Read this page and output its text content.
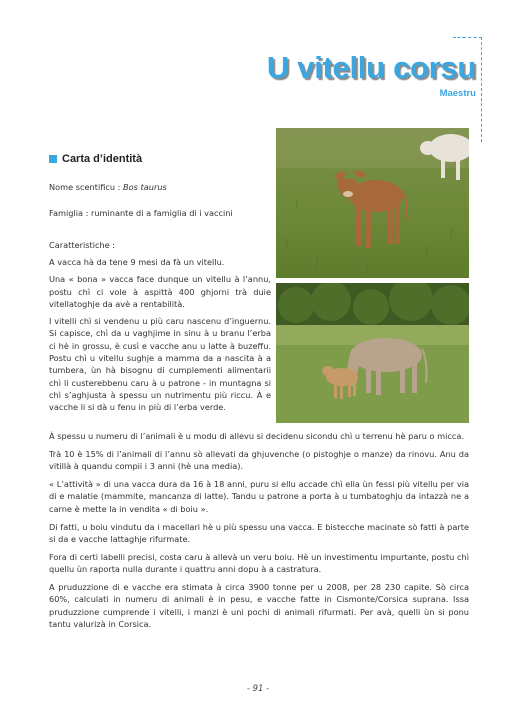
U vitellu corsu
Maestru
Carta d’identità
Nome scentificu : Bos taurus
Famiglia : ruminante di a famiglia di i vaccini
Caratteristiche :

A vacca hà da tene 9 mesi da fà un vitellu.

Una « bona » vacca face dunque un vitellu à l’annu, postu chì ci vole à aspittà 400 ghjorni trà duie vitellatoghje da avè a rentabilità.

I vitelli chì si vendenu u più caru nascenu d’inguernu. Si capisce, chì da u vaghjime in sinu à u branu l’erba ci hè in grossu, è cusì e vacche anu u latte à buzeffu. Postu chì u vitellu sughje a mamma da a nascita à a tumbera, ùn hà bisognu di cumplementi alimentarii chì li custerebbenu caru à u patrone - in muntagna si chì s’aghjusta à spessu un nutrimentu più riccu. À e vacche li si dà u fenu in più di l’erba verde.

À spessu u numeru di l’animali è u modu di allevu si decidenu sicondu chì u terrenu hè paru o micca.

Trà 10 è 15% di l’animali di l’annu sò allevati da ghjuvenche (o pistoghje o manze) da rinovu. Anu da vitillà à quandu compii i 3 anni (hè una media).

« L’attività » di una vacca dura da 16 à 18 anni, puru si ellu accade chì ella ùn fessi più vitellu per via di e malatie (mammite, mancanza di latte). Tandu u patrone a porta à u tumbatoghju da intazzà ne a carne è mette la in vendita « di boiu ».

Di fatti, u boiu vindutu da i macellari hè u più spessu una vacca. E bistecche macinate sò fatti à parte si da e vacche lattaghje rifurmate.

Fora di certi labelli precisi, costa caru à allevà un veru boiu. Hè un investimentu impurtante, postu chì quellu ùn raporta nulla durante i quattru anni dopu à a castratura.

A pruduzzione di e vacche era stimata à circa 3900 tonne per u 2008, per 28 230 capite. Sò circa 60%, calculati in numeru di animali è in pesu, e vacche fatte in Cismonte/Corsica suprana. Issa pruduzzione cumprende i vitelli, i manzi è uni pochi di animali rifurmati. Per avà, quelli ùn si ponu tantu valurizà in Corsica.

- 91 -
